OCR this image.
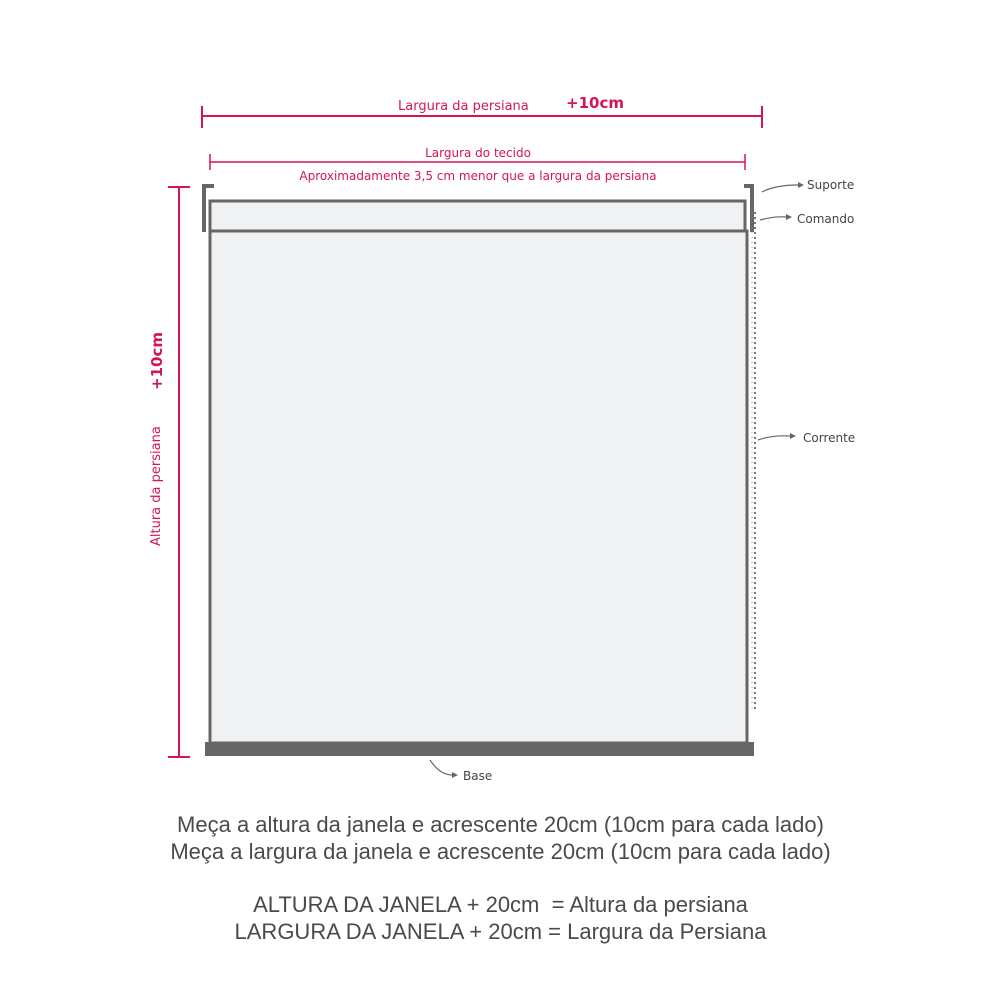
Largura da persiana +10cm
Largura do tecido
Aproximadamente 3,5 cm menor que a largura da persiana
Altura da persiana
+10cm
Suporte
Comando
Corrente
Base
Meça a altura da janela e acrescente 20cm (10cm para cada lado)
Meça a largura da janela e acrescente 20cm (10cm para cada lado)
ALTURA DA JANELA + 20cm  = Altura da persiana
LARGURA DA JANELA + 20cm = Largura da Persiana
